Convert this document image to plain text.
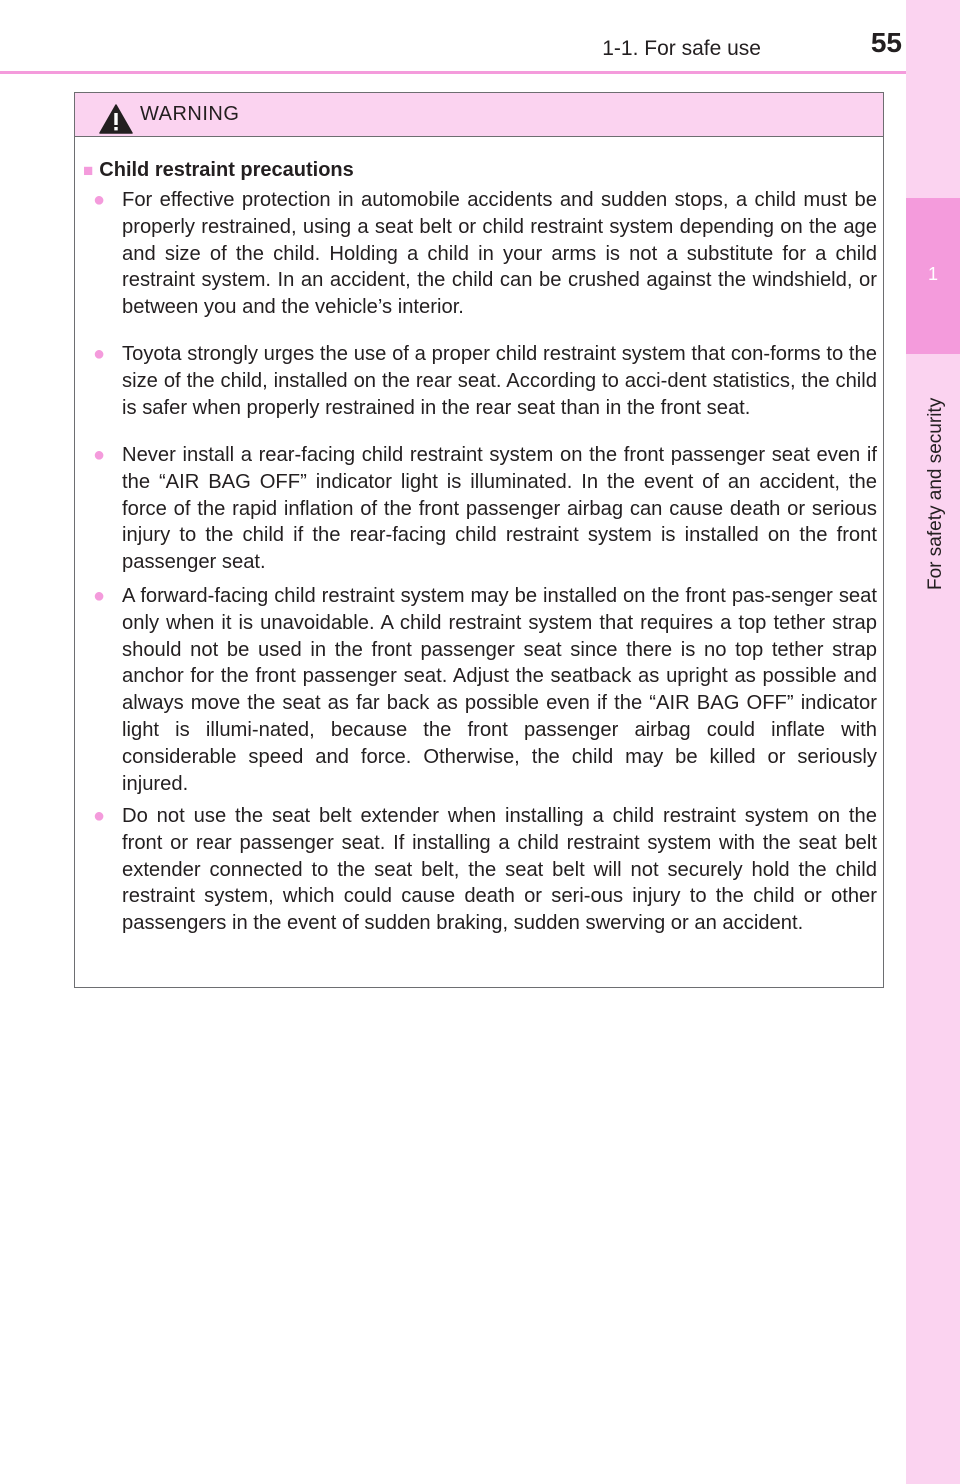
1
For safety and security
1-1. For safe use	55
WARNING
■ Child restraint precautions
● For effective protection in automobile accidents and sudden stops, a child must be properly restrained, using a seat belt or child restraint system depending on the age and size of the child. Holding a child in your arms is not a substitute for a child restraint system. In an accident, the child can be crushed against the windshield, or between you and the vehicle’s interior.
● Toyota strongly urges the use of a proper child restraint system that con-forms to the size of the child, installed on the rear seat. According to acci-dent statistics, the child is safer when properly restrained in the rear seat than in the front seat.
● Never install a rear-facing child restraint system on the front passenger seat even if the “AIR BAG OFF” indicator light is illuminated. In the event of an accident, the force of the rapid inflation of the front passenger airbag can cause death or serious injury to the child if the rear-facing child restraint system is installed on the front passenger seat.
● A forward-facing child restraint system may be installed on the front pas-senger seat only when it is unavoidable. A child restraint system that requires a top tether strap should not be used in the front passenger seat since there is no top tether strap anchor for the front passenger seat. Adjust the seatback as upright as possible and always move the seat as far back as possible even if the “AIR BAG OFF” indicator light is illumi-nated, because the front passenger airbag could inflate with considerable speed and force. Otherwise, the child may be killed or seriously injured.
● Do not use the seat belt extender when installing a child restraint system on the front or rear passenger seat. If installing a child restraint system with the seat belt extender connected to the seat belt, the seat belt will not securely hold the child restraint system, which could cause death or seri-ous injury to the child or other passengers in the event of sudden braking, sudden swerving or an accident.
